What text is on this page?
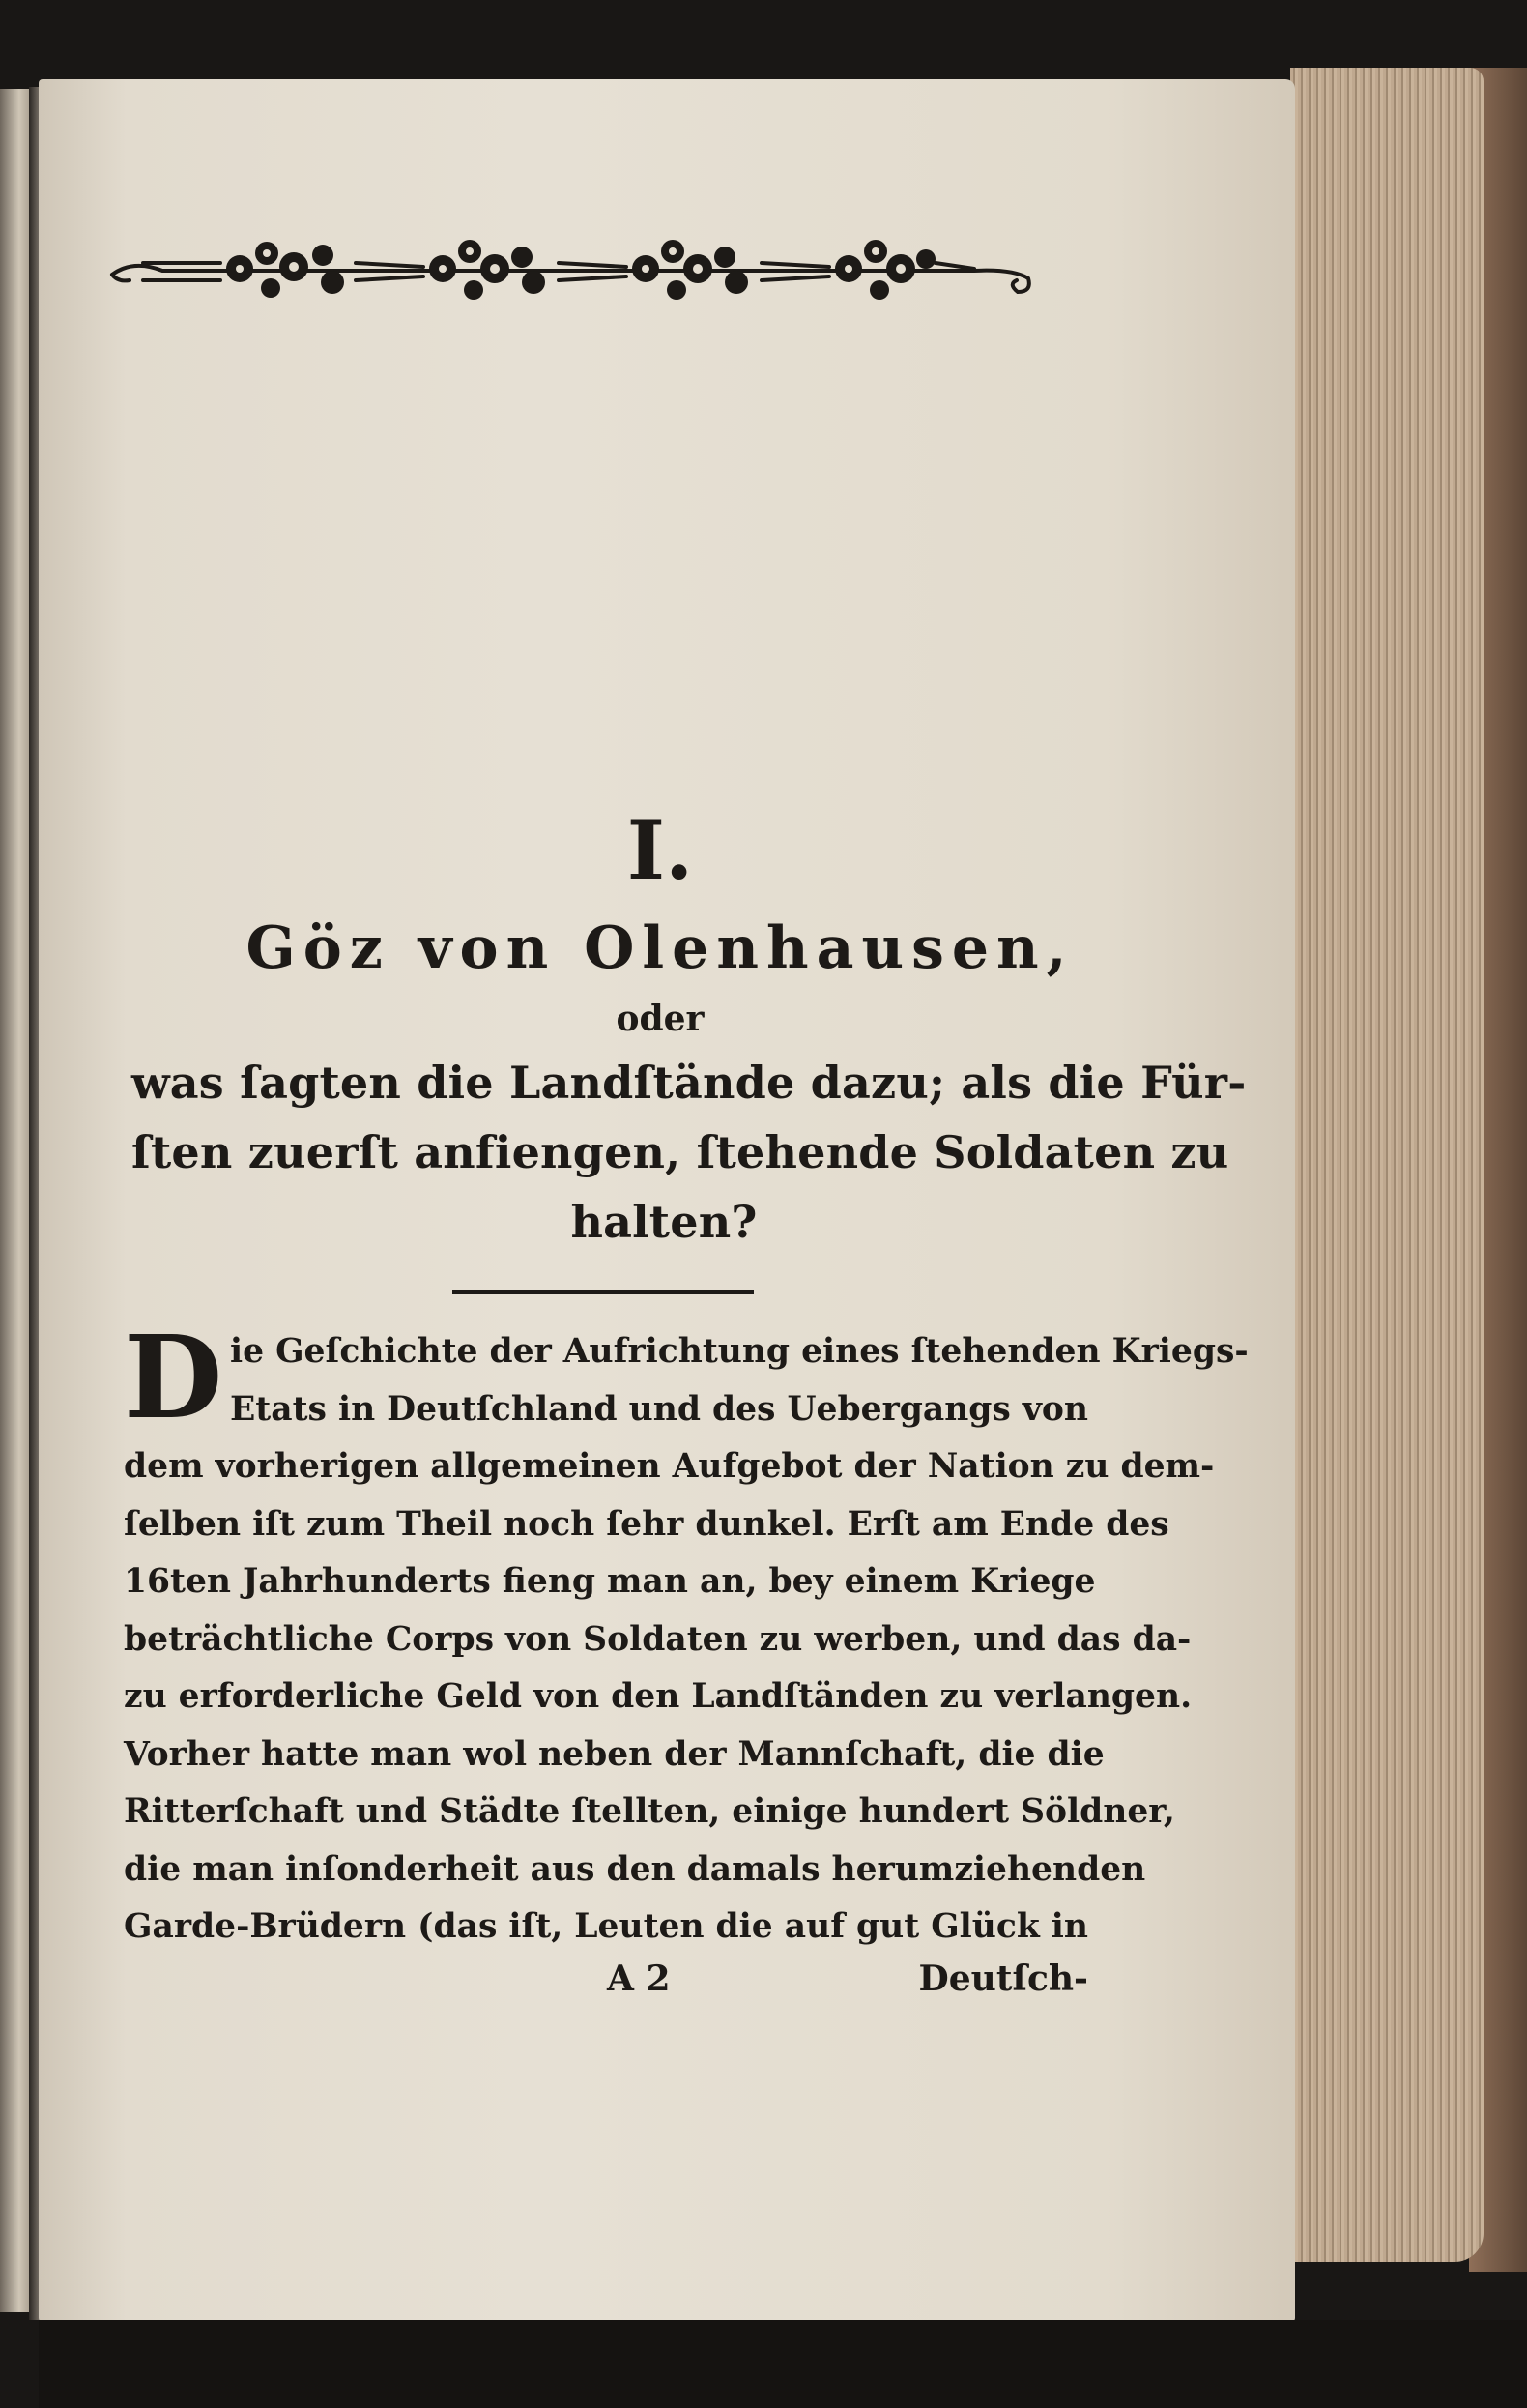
I.
Göz von Olenhausen,
oder
was ſagten die Landſtände dazu; als die Für-
ſten zuerſt anfiengen, ſtehende Soldaten zu
halten?
D ie Geſchichte der Aufrichtung eines ſtehenden Kriegs-
Etats in Deutſchland und des Uebergangs von
dem vorherigen allgemeinen Aufgebot der Nation zu dem-
ſelben iſt zum Theil noch ſehr dunkel. Erſt am Ende des
16ten Jahrhunderts fieng man an, bey einem Kriege
beträchtliche Corps von Soldaten zu werben, und das da-
zu erforderliche Geld von den Landſtänden zu verlangen.
Vorher hatte man wol neben der Mannſchaft, die die
Ritterſchaft und Städte ſtellten, einige hundert Söldner,
die man inſonderheit aus den damals herumziehenden
Garde-Brüdern (das iſt, Leuten die auf gut Glück in
A 2	Deutſch-
